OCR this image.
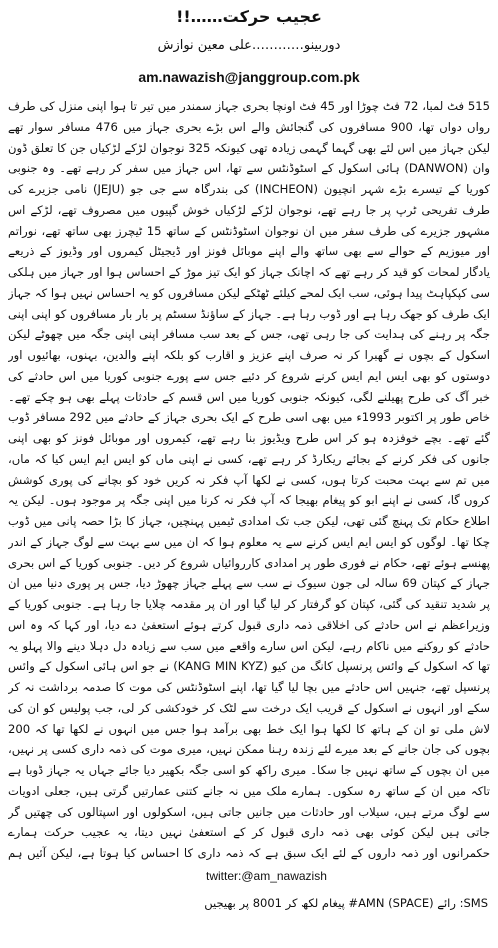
عجیب حرکت……!!
دوربینو…………علی معین نوازش
am.nawazish@janggroup.com.pk
515 فٹ لمبا، 72 فٹ چوڑا اور 45 فٹ اونچا بحری جہاز سمندر میں تیر تا ہوا اپنی منزل کی طرف رواں دواں تھا، 900 مسافروں کی گنجائش والے اس بڑے بحری جہاز میں 476 مسافر سوار تھے لیکن جہاز میں اس لئے بھی گہما گہمی زیادہ تھی کیونکہ 325 نوجوان لڑکے لڑکیاں جن کا تعلق ڈون وان (DANWON) ہائی اسکول کے اسٹوڈنٹس سے تھا، اس جہاز میں سفر کر رہے تھے۔ وہ جنوبی کوریا کے تیسرے بڑے شہر انچیون (INCHEON) کی بندرگاہ سے جی جو (JEJU) نامی جزیرے کی طرف تفریحی ٹرپ پر جا رہے تھے، نوجوان لڑکے لڑکیاں خوش گپیوں میں مصروف تھے، لڑکے اس مشہور جزیرے کی طرف سفر میں ان نوجوان اسٹوڈنٹس کے ساتھ 15 ٹیچرز بھی ساتھ تھے، نوراتم اور میوزیم کے حوالے سے بھی ساتھ والے اپنے موبائل فونز اور ڈیجیٹل کیمروں اور وڈیوز کے ذریعے یادگار لمحات کو قید کر رہے تھے کہ اچانک جہاز کو ایک تیز موڑ کے احساس ہوا اور جہاز میں ہلکی سی کپکپاہٹ پیدا ہوئی، سب ایک لمحے کیلئے ٹھٹکے لیکن مسافروں کو یہ احساس نہیں ہوا کہ جہاز ایک طرف کو جھک رہا ہے اور ڈوب رہا ہے۔ جہاز کے ساؤنڈ سسٹم پر بار بار مسافروں کو اپنی اپنی جگہ پر رہنے کی ہدایت کی جا رہی تھی، جس کے بعد سب مسافر اپنی اپنی جگہ میں چھوٹے لیکن اسکول کے بچوں نے گھبرا کر نہ صرف اپنے عزیز و اقارب کو بلکہ اپنے والدین، بہنوں، بھائیوں اور دوستوں کو بھی ایس ایم ایس کرنے شروع کر دئیے جس سے پورے جنوبی کوریا میں اس حادثے کی خبر آگ کی طرح پھیلنے لگی، کیونکہ جنوبی کوریا میں اس قسم کے حادثات پہلے بھی ہو چکے تھے۔ خاص طور پر اکتوبر 1993ء میں بھی اسی طرح کے ایک بحری جہاز کے حادثے میں 292 مسافر ڈوب گئے تھے۔ بچے خوفزدہ ہو کر اس طرح ویڈیوز بنا رہے تھے، کیمروں اور موبائل فونز کو بھی اپنی جانوں کی فکر کرنے کے بجائے ریکارڈ کر رہے تھے، کسی نے اپنی ماں کو ایس ایم ایس کیا کہ ماں، میں تم سے بہت محبت کرتا ہوں، کسی نے لکھا آپ فکر نہ کریں خود کو بچانے کی پوری کوشش کروں گا، کسی نے اپنے ابو کو پیغام بھیجا کہ آپ فکر نہ کرنا میں اپنی جگہ پر موجود ہوں۔ لیکن یہ اطلاع حکام تک پہنچ گئی تھی، لیکن جب تک امدادی ٹیمیں پہنچیں، جہاز کا بڑا حصہ پانی میں ڈوب چکا تھا۔ لوگوں کو ایس ایم ایس کرنے سے یہ معلوم ہوا کہ ان میں سے بہت سے لوگ جہاز کے اندر پھنسے ہوئے تھے، حکام نے فوری طور پر امدادی کارروائیاں شروع کر دیں۔ جنوبی کوریا کے اس بحری جہاز کے کپتان 69 سالہ لی جون سیوک نے سب سے پہلے جہاز چھوڑ دیا، جس پر پوری دنیا میں ان پر شدید تنقید کی گئی، کپتان کو گرفتار کر لیا گیا اور ان پر مقدمہ چلایا جا رہا ہے۔ جنوبی کوریا کے وزیراعظم نے اس حادثے کی اخلاقی ذمہ داری قبول کرتے ہوئے استعفیٰ دے دیا، اور کہا کہ وہ اس حادثے کو روکنے میں ناکام رہے، لیکن اس سارے واقعے میں سب سے زیادہ دل دہلا دینے والا پہلو یہ تھا کہ اسکول کے وائس پرنسپل کانگ من کیو (KANG MIN KYZ) نے جو اس ہائی اسکول کے وائس پرنسپل تھے، جنہیں اس حادثے میں بچا لیا گیا تھا، اپنے اسٹوڈنٹس کی موت کا صدمہ برداشت نہ کر سکے اور انہوں نے اسکول کے قریب ایک درخت سے لٹک کر خودکشی کر لی، جب پولیس کو ان کی لاش ملی تو ان کے ہاتھ کا لکھا ہوا ایک خط بھی برآمد ہوا جس میں انہوں نے لکھا تھا کہ 200 بچوں کی جان جانے کے بعد میرے لئے زندہ رہنا ممکن نہیں، میری موت کی ذمہ داری کسی پر نہیں، میں ان بچوں کے ساتھ نہیں جا سکا۔ میری راکھ کو اسی جگہ بکھیر دیا جائے جہاں یہ جہاز ڈوبا ہے تاکہ میں ان کے ساتھ رہ سکوں۔ ہمارے ملک میں نہ جانے کتنی عمارتیں گرتی ہیں، جعلی ادویات سے لوگ مرتے ہیں، سیلاب اور حادثات میں جانیں جاتی ہیں، اسکولوں اور اسپتالوں کی چھتیں گر جاتی ہیں لیکن کوئی بھی ذمہ داری قبول کر کے استعفیٰ نہیں دیتا، یہ عجیب حرکت ہمارے حکمرانوں اور ذمہ داروں کے لئے ایک سبق ہے کہ ذمہ داری کا احساس کیا ہوتا ہے، لیکن آئیں ہم
twitter:@am_nawazish
SMS: رائے (SPACE) AMN# پیغام لکھ کر 8001 پر بھیجیں
